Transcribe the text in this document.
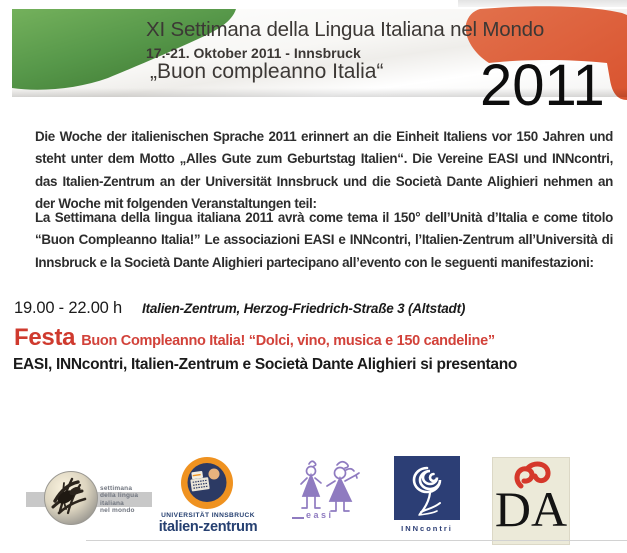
XI Settimana della Lingua Italiana nel Mondo
17.-21. Oktober 2011 - Innsbruck
„Buon compleanno Italia“ 2011
Die Woche der italienischen Sprache 2011 erinnert an die Einheit Italiens vor 150 Jahren und steht unter dem Motto „Alles Gute zum Geburtstag Italien“. Die Vereine EASI und INNcontri, das Italien-Zentrum an der Universität Innsbruck und die Società Dante Alighieri nehmen an der Woche mit folgenden Veranstaltungen teil:
La Settimana della lingua italiana 2011 avrà come tema il 150° dell’Unità d’Italia e come titolo “Buon Compleanno Italia!” Le associazioni EASI e INNcontri, l’Italien-Zentrum all’Università di Innsbruck e la Società Dante Alighieri partecipano all’evento con le seguenti manifestazioni:
19.00 - 22.00 h Italien-Zentrum, Herzog-Friedrich-Straße 3 (Altstadt)
Festa Buon Compleanno Italia! “Dolci, vino, musica e 150 candeline”
EASI, INNcontri, Italien-Zentrum e Società Dante Alighieri si presentano
settimana
della lingua
italiana
nel mondo
UNIVERSITÄT INNSBRUCK
italien-zentrum
easi
INNcontri DA
